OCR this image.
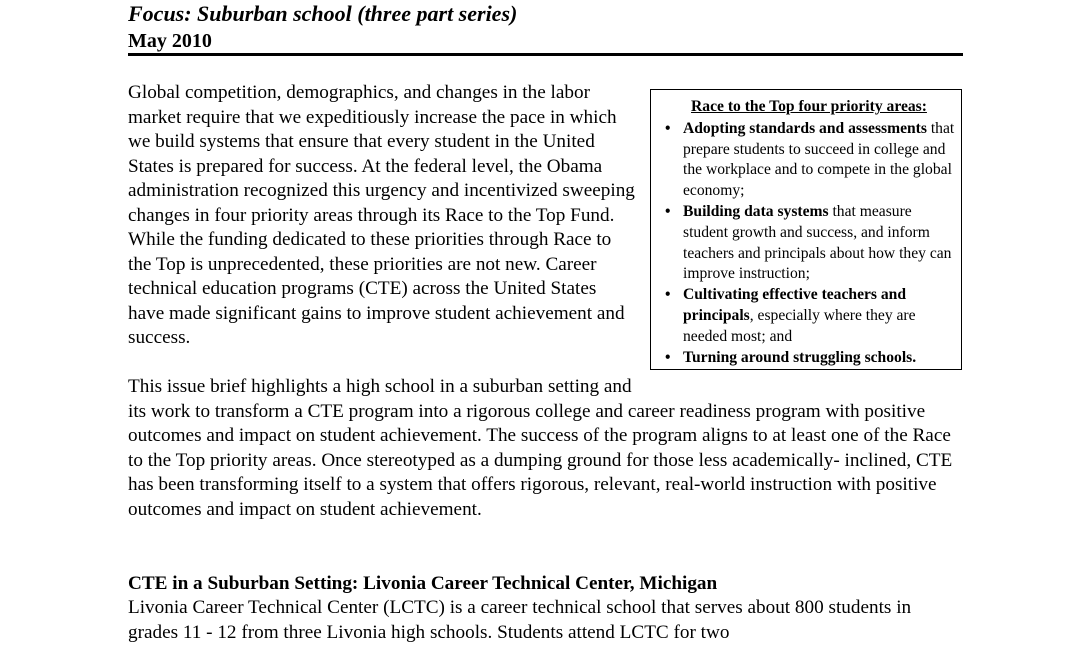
Focus: Suburban school (three part series)
May 2010
Race to the Top four priority areas:
• Adopting standards and assessments that prepare students to succeed in college and the workplace and to compete in the global economy;
• Building data systems that measure student growth and success, and inform teachers and principals about how they can improve instruction;
• Cultivating effective teachers and principals, especially where they are needed most; and
• Turning around struggling schools.
Global competition, demographics, and changes in the labor market require that we expeditiously increase the pace in which we build systems that ensure that every student in the United States is prepared for success. At the federal level, the Obama administration recognized this urgency and incentivized sweeping changes in four priority areas through its Race to the Top Fund. While the funding dedicated to these priorities through Race to the Top is unprecedented, these priorities are not new. Career technical education programs (CTE) across the United States have made significant gains to improve student achievement and success.
This issue brief highlights a high school in a suburban setting and its work to transform a CTE program into a rigorous college and career readiness program with positive outcomes and impact on student achievement. The success of the program aligns to at least one of the Race to the Top priority areas. Once stereotyped as a dumping ground for those less academically- inclined, CTE has been transforming itself to a system that offers rigorous, relevant, real-world instruction with positive outcomes and impact on student achievement.
CTE in a Suburban Setting: Livonia Career Technical Center, Michigan
Livonia Career Technical Center (LCTC) is a career technical school that serves about 800 students in grades 11 - 12 from three Livonia high schools. Students attend LCTC for two
